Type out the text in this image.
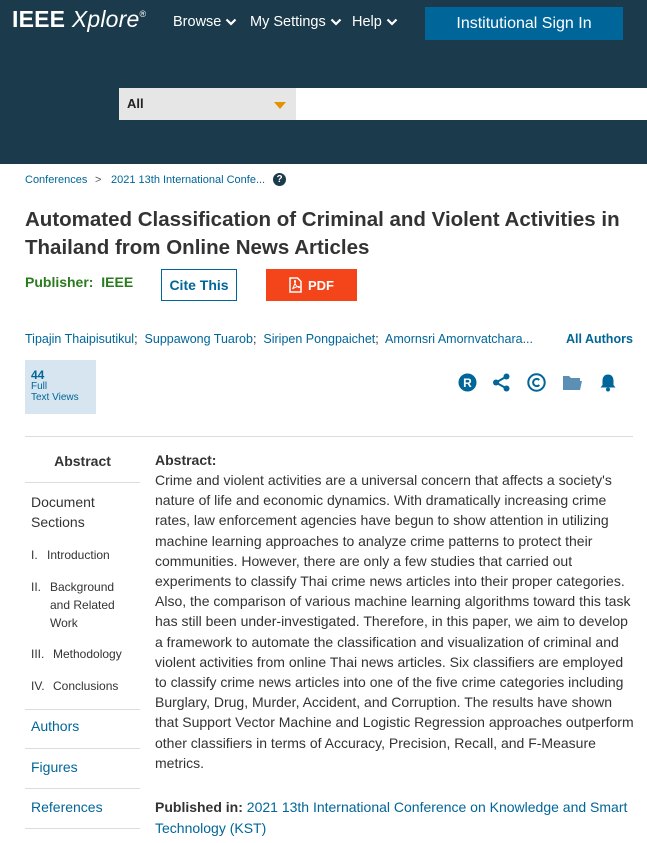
IEEE Xplore® Browse My Settings Help	Institutional Sign In
All
Conferences > 2021 13th International Confe...	?
Automated Classification of Criminal and Violent Activities in Thailand from Online News Articles
Publisher: IEEE	Cite This	PDF
Tipajin Thaipisutikul; Suppawong Tuarob; Siripen Pongpaichet; Amornsri Amornvatchara...	All Authors
44
Full
Text Views
R
Abstract
Document Sections
I. Introduction
II. Background and Related Work
III. Methodology
IV. Conclusions
Authors
Figures
References
Abstract:

Crime and violent activities are a universal concern that affects a society's nature of life and economic dynamics. With dramatically increasing crime rates, law enforcement agencies have begun to show attention in utilizing machine learning approaches to analyze crime patterns to protect their communities. However, there are only a few studies that carried out experiments to classify Thai crime news articles into their proper categories. Also, the comparison of various machine learning algorithms toward this task has still been under-investigated. Therefore, in this paper, we aim to develop a framework to automate the classification and visualization of criminal and violent activities from online Thai news articles. Six classifiers are employed to classify crime news articles into one of the five crime categories including Burglary, Drug, Murder, Accident, and Corruption. The results have shown that Support Vector Machine and Logistic Regression approaches outperform other classifiers in terms of Accuracy, Precision, Recall, and F-Measure metrics.

Published in: 2021 13th International Conference on Knowledge and Smart Technology (KST)
